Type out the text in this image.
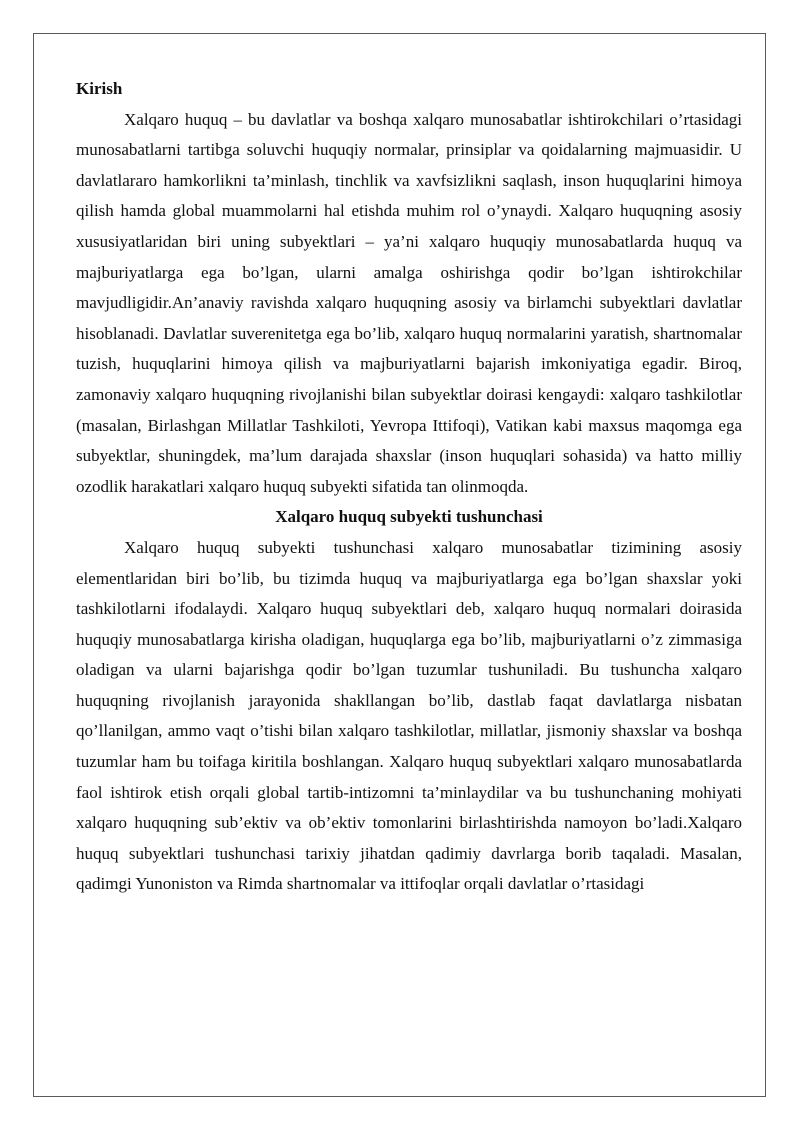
Kirish

Xalqaro huquq – bu davlatlar va boshqa xalqaro munosabatlar ishtirokchilari o’rtasidagi munosabatlarni tartibga soluvchi huquqiy normalar, prinsiplar va qoidalarning majmuasidir. U davlatlararo hamkorlikni ta’minlash, tinchlik va xavfsizlikni saqlash, inson huquqlarini himoya qilish hamda global muammolarni hal etishda muhim rol o’ynaydi. Xalqaro huquqning asosiy xususiyatlaridan biri uning subyektlari – ya’ni xalqaro huquqiy munosabatlarda huquq va majburiyatlarga ega bo’lgan, ularni amalga oshirishga qodir bo’lgan ishtirokchilar mavjudligidir.An’anaviy ravishda xalqaro huquqning asosiy va birlamchi subyektlari davlatlar hisoblanadi. Davlatlar suverenitetga ega bo’lib, xalqaro huquq normalarini yaratish, shartnomalar tuzish, huquqlarini himoya qilish va majburiyatlarni bajarish imkoniyatiga egadir. Biroq, zamonaviy xalqaro huquqning rivojlanishi bilan subyektlar doirasi kengaydi: xalqaro tashkilotlar (masalan, Birlashgan Millatlar Tashkiloti, Yevropa Ittifoqi), Vatikan kabi maxsus maqomga ega subyektlar, shuningdek, ma’lum darajada shaxslar (inson huquqlari sohasida) va hatto milliy ozodlik harakatlari xalqaro huquq subyekti sifatida tan olinmoqda.

Xalqaro huquq subyekti tushunchasi

Xalqaro huquq subyekti tushunchasi xalqaro munosabatlar tizimining asosiy elementlaridan biri bo’lib, bu tizimda huquq va majburiyatlarga ega bo’lgan shaxslar yoki tashkilotlarni ifodalaydi. Xalqaro huquq subyektlari deb, xalqaro huquq normalari doirasida huquqiy munosabatlarga kirisha oladigan, huquqlarga ega bo’lib, majburiyatlarni o’z zimmasiga oladigan va ularni bajarishga qodir bo’lgan tuzumlar tushuniladi. Bu tushuncha xalqaro huquqning rivojlanish jarayonida shakllangan bo’lib, dastlab faqat davlatlarga nisbatan qo’llanilgan, ammo vaqt o’tishi bilan xalqaro tashkilotlar, millatlar, jismoniy shaxslar va boshqa tuzumlar ham bu toifaga kiritila boshlangan. Xalqaro huquq subyektlari xalqaro munosabatlarda faol ishtirok etish orqali global tartib-intizomni ta’minlaydilar va bu tushunchaning mohiyati xalqaro huquqning sub’ektiv va ob’ektiv tomonlarini birlashtirishda namoyon bo’ladi.Xalqaro huquq subyektlari tushunchasi tarixiy jihatdan qadimiy davrlarga borib taqaladi. Masalan, qadimgi Yunoniston va Rimda shartnomalar va ittifoqlar orqali davlatlar o’rtasidagi
